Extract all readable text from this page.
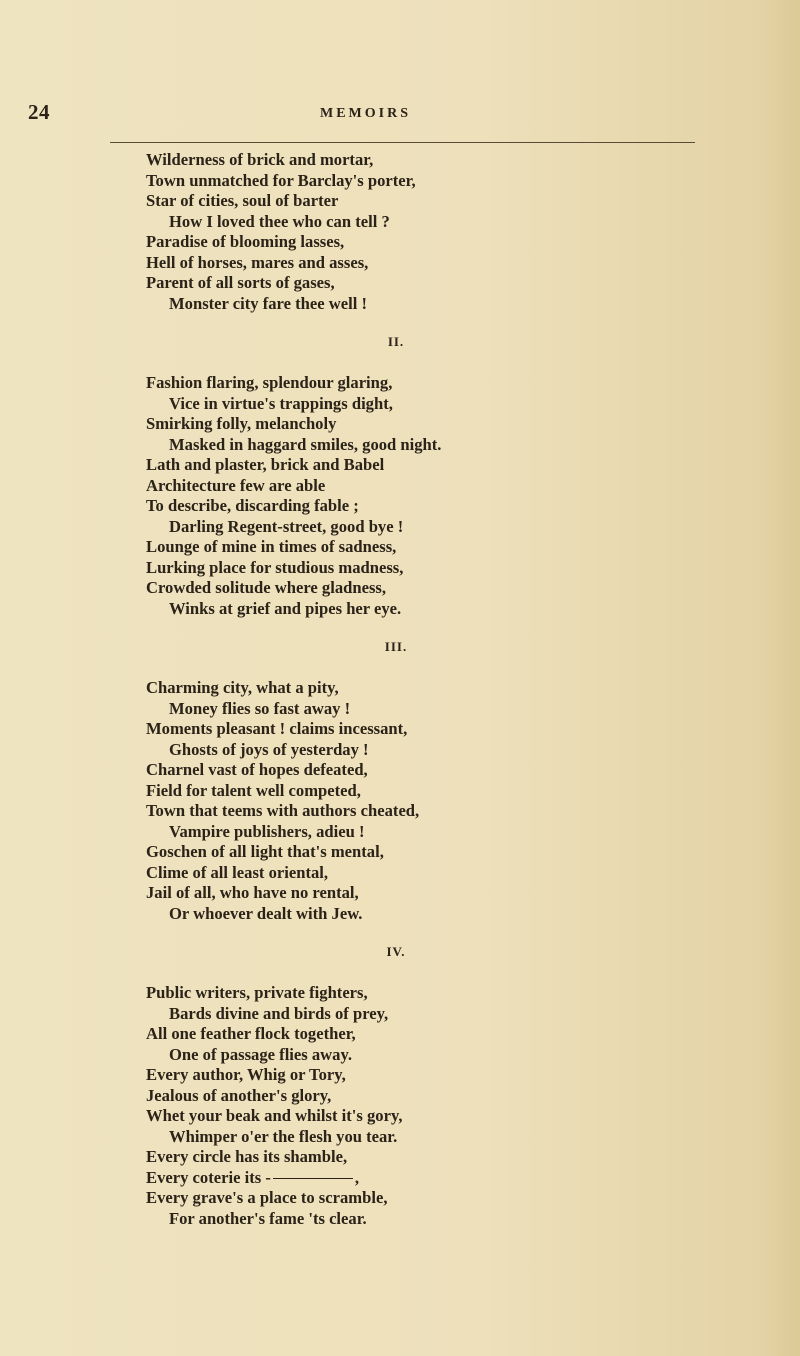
24	MEMOIRS
Wilderness of brick and mortar,
Town unmatched for Barclay's porter,
Star of cities, soul of barter
How I loved thee who can tell ?
Paradise of blooming lasses,
Hell of horses, mares and asses,
Parent of all sorts of gases,
Monster city fare thee well !
II.
Fashion flaring, splendour glaring,
Vice in virtue's trappings dight,
Smirking folly, melancholy
Masked in haggard smiles, good night.
Lath and plaster, brick and Babel
Architecture few are able
To describe, discarding fable ;
Darling Regent-street, good bye !
Lounge of mine in times of sadness,
Lurking place for studious madness,
Crowded solitude where gladness,
Winks at grief and pipes her eye.
III.
Charming city, what a pity,
Money flies so fast away !
Moments pleasant ! claims incessant,
Ghosts of joys of yesterday !
Charnel vast of hopes defeated,
Field for talent well competed,
Town that teems with authors cheated,
Vampire publishers, adieu !
Goschen of all light that's mental,
Clime of all least oriental,
Jail of all, who have no rental,
Or whoever dealt with Jew.
IV.
Public writers, private fighters,
Bards divine and birds of prey,
All one feather flock together,
One of passage flies away.
Every author, Whig or Tory,
Jealous of another's glory,
Whet your beak and whilst it's gory,
Whimper o'er the flesh you tear.
Every circle has its shamble,
Every coterie its -	,
Every grave's a place to scramble,
For another's fame 'ts clear.
